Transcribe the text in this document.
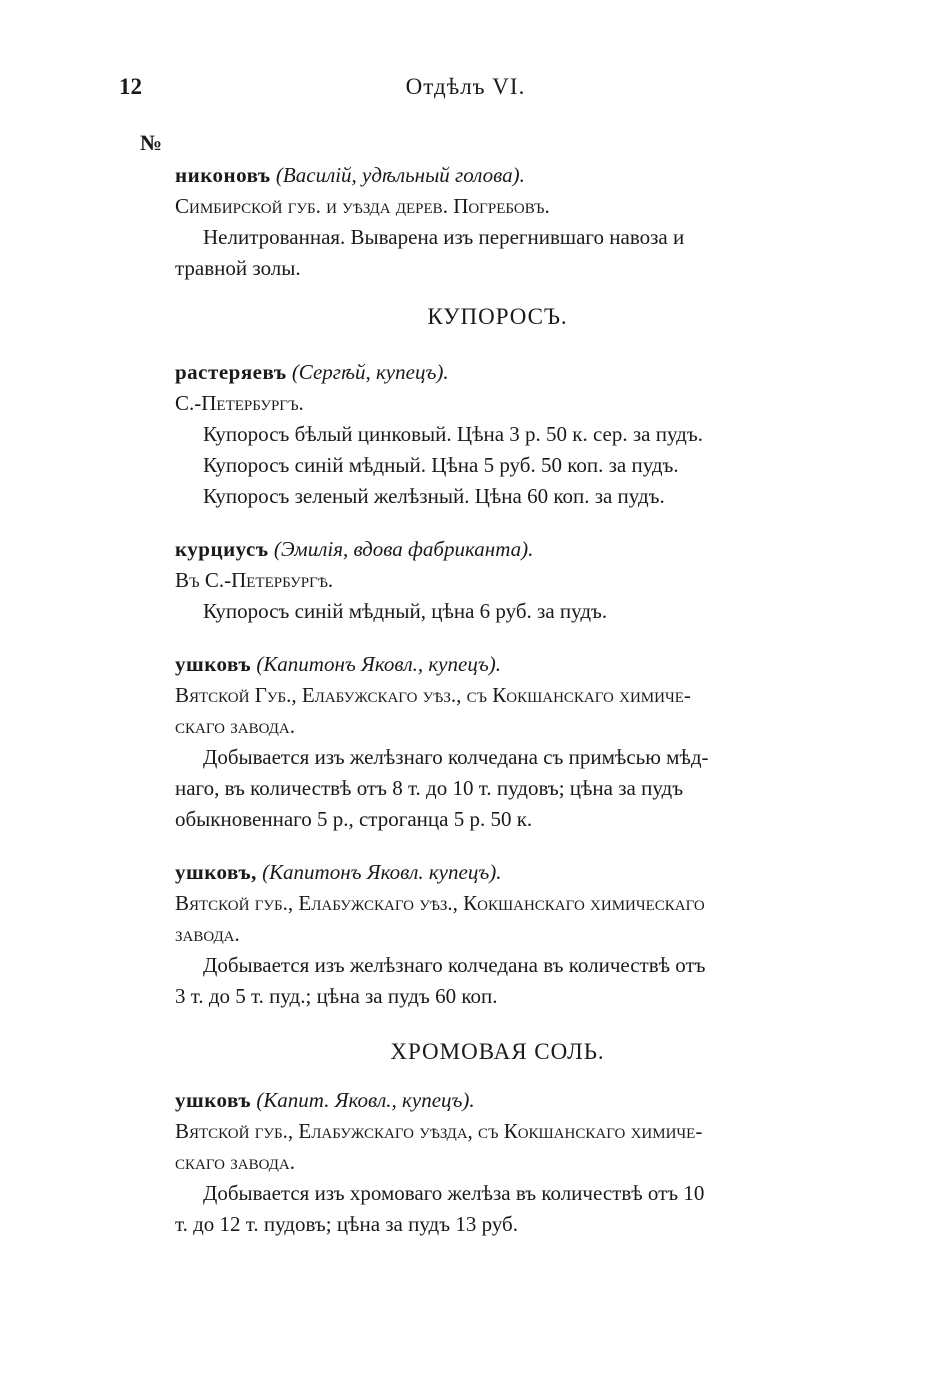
12	Отдѣлъ VI.
№
никоновъ (Василій, удѣльный голова).
Симбирской губ. и уѣзда дерев. Погребовъ.
Нелитрованная. Выварена изъ перегнившаго навоза и
травной золы.
КУПОРОСЪ.
растеряевъ (Сергѣй, купецъ).
С.-Петербургъ.
Купоросъ бѣлый цинковый. Цѣна 3 р. 50 к. сер. за пудъ.
Купоросъ синій мѣдный. Цѣна 5 руб. 50 коп. за пудъ.
Купоросъ зеленый желѣзный. Цѣна 60 коп. за пудъ.
курциусъ (Эмилія, вдова фабриканта).
Въ С.-Петербургѣ.
Купоросъ синій мѣдный, цѣна 6 руб. за пудъ.
ушковъ (Капитонъ Яковл., купецъ).
Вятской Губ., Елабужскаго уѣз., съ Кокшанскаго химиче-
скаго завода.
Добывается изъ желѣзнаго колчедана съ примѣсью мѣд-
наго, въ количествѣ отъ 8 т. до 10 т. пудовъ; цѣна за пудъ
обыкновеннаго 5 р., строганца 5 р. 50 к.
ушковъ, (Капитонъ Яковл. купецъ).
Вятской губ., Елабужскаго уѣз., Кокшанскаго химическаго
завода.
Добывается изъ желѣзнаго колчедана въ количествѣ отъ
3 т. до 5 т. пуд.; цѣна за пудъ 60 коп.
ХРОМОВАЯ СОЛЬ.
ушковъ (Капит. Яковл., купецъ).
Вятской губ., Елабужскаго уѣзда, съ Кокшанскаго химиче-
скаго завода.
Добывается изъ хромоваго желѣза въ количествѣ отъ 10
т. до 12 т. пудовъ; цѣна за пудъ 13 руб.
